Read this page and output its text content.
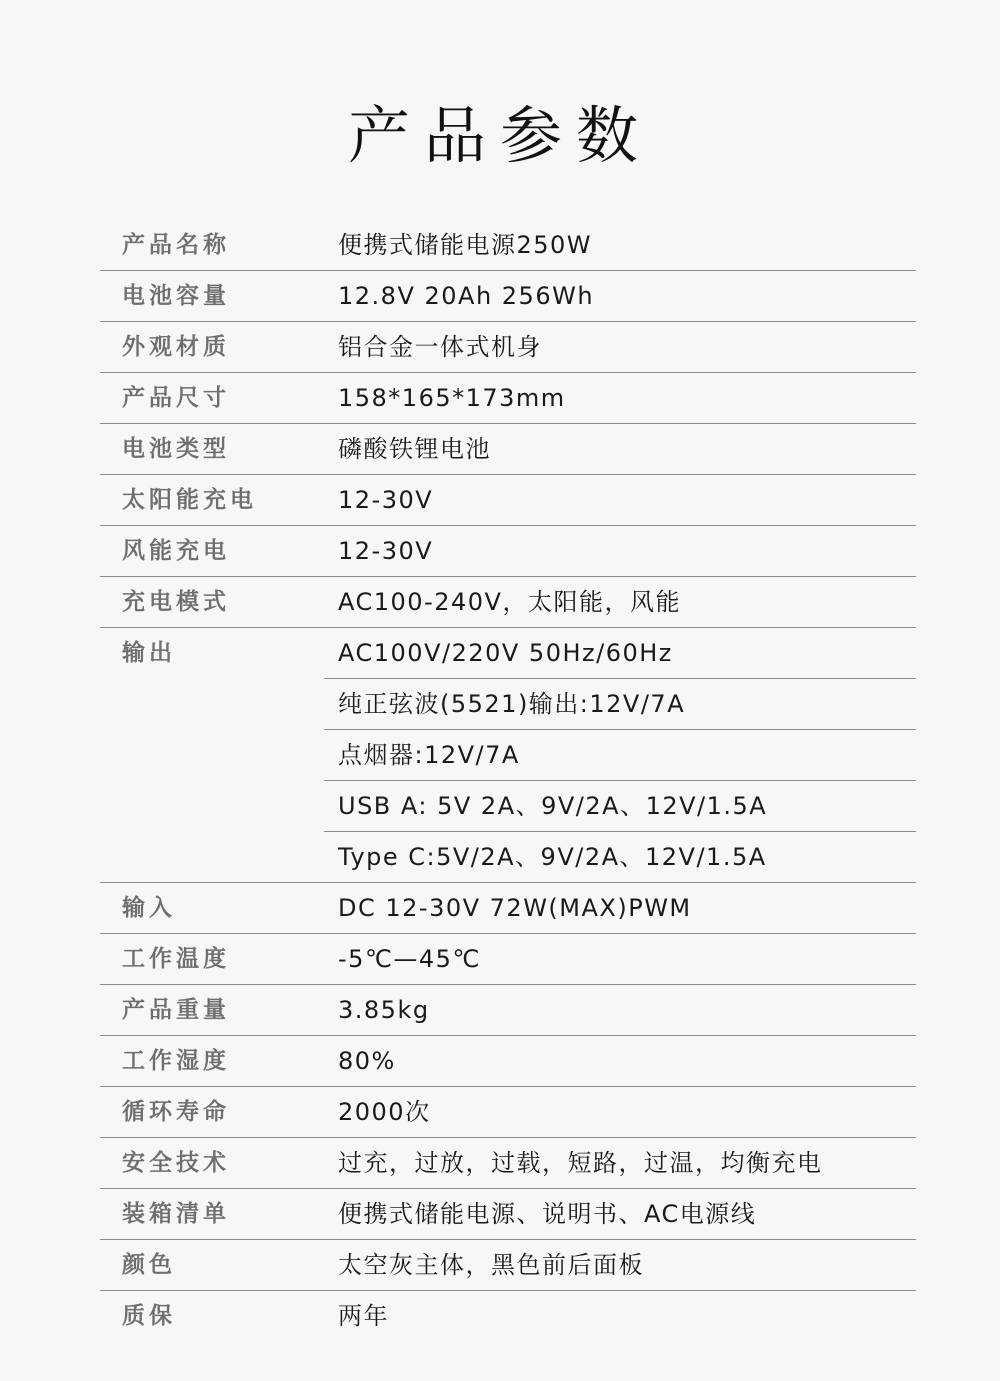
产品参数
产品名称	便携式储能电源250W
电池容量	12.8V 20Ah 256Wh
外观材质	铝合金一体式机身
产品尺寸	158*165*173mm
电池类型	磷酸铁锂电池
太阳能充电	12-30V
风能充电	12-30V
充电模式	AC100-240V，太阳能，风能
输出	AC100V/220V 50Hz/60Hz
纯正弦波(5521)输出:12V/7A
点烟器:12V/7A
USB A: 5V 2A、9V/2A、12V/1.5A
Type C:5V/2A、9V/2A、12V/1.5A
输入	DC 12-30V 72W(MAX)PWM
工作温度	-5℃—45℃
产品重量	3.85kg
工作湿度	80%
循环寿命	2000次
安全技术	过充，过放，过载，短路，过温，均衡充电
装箱清单	便携式储能电源、说明书、AC电源线
颜色	太空灰主体，黑色前后面板
质保	两年
